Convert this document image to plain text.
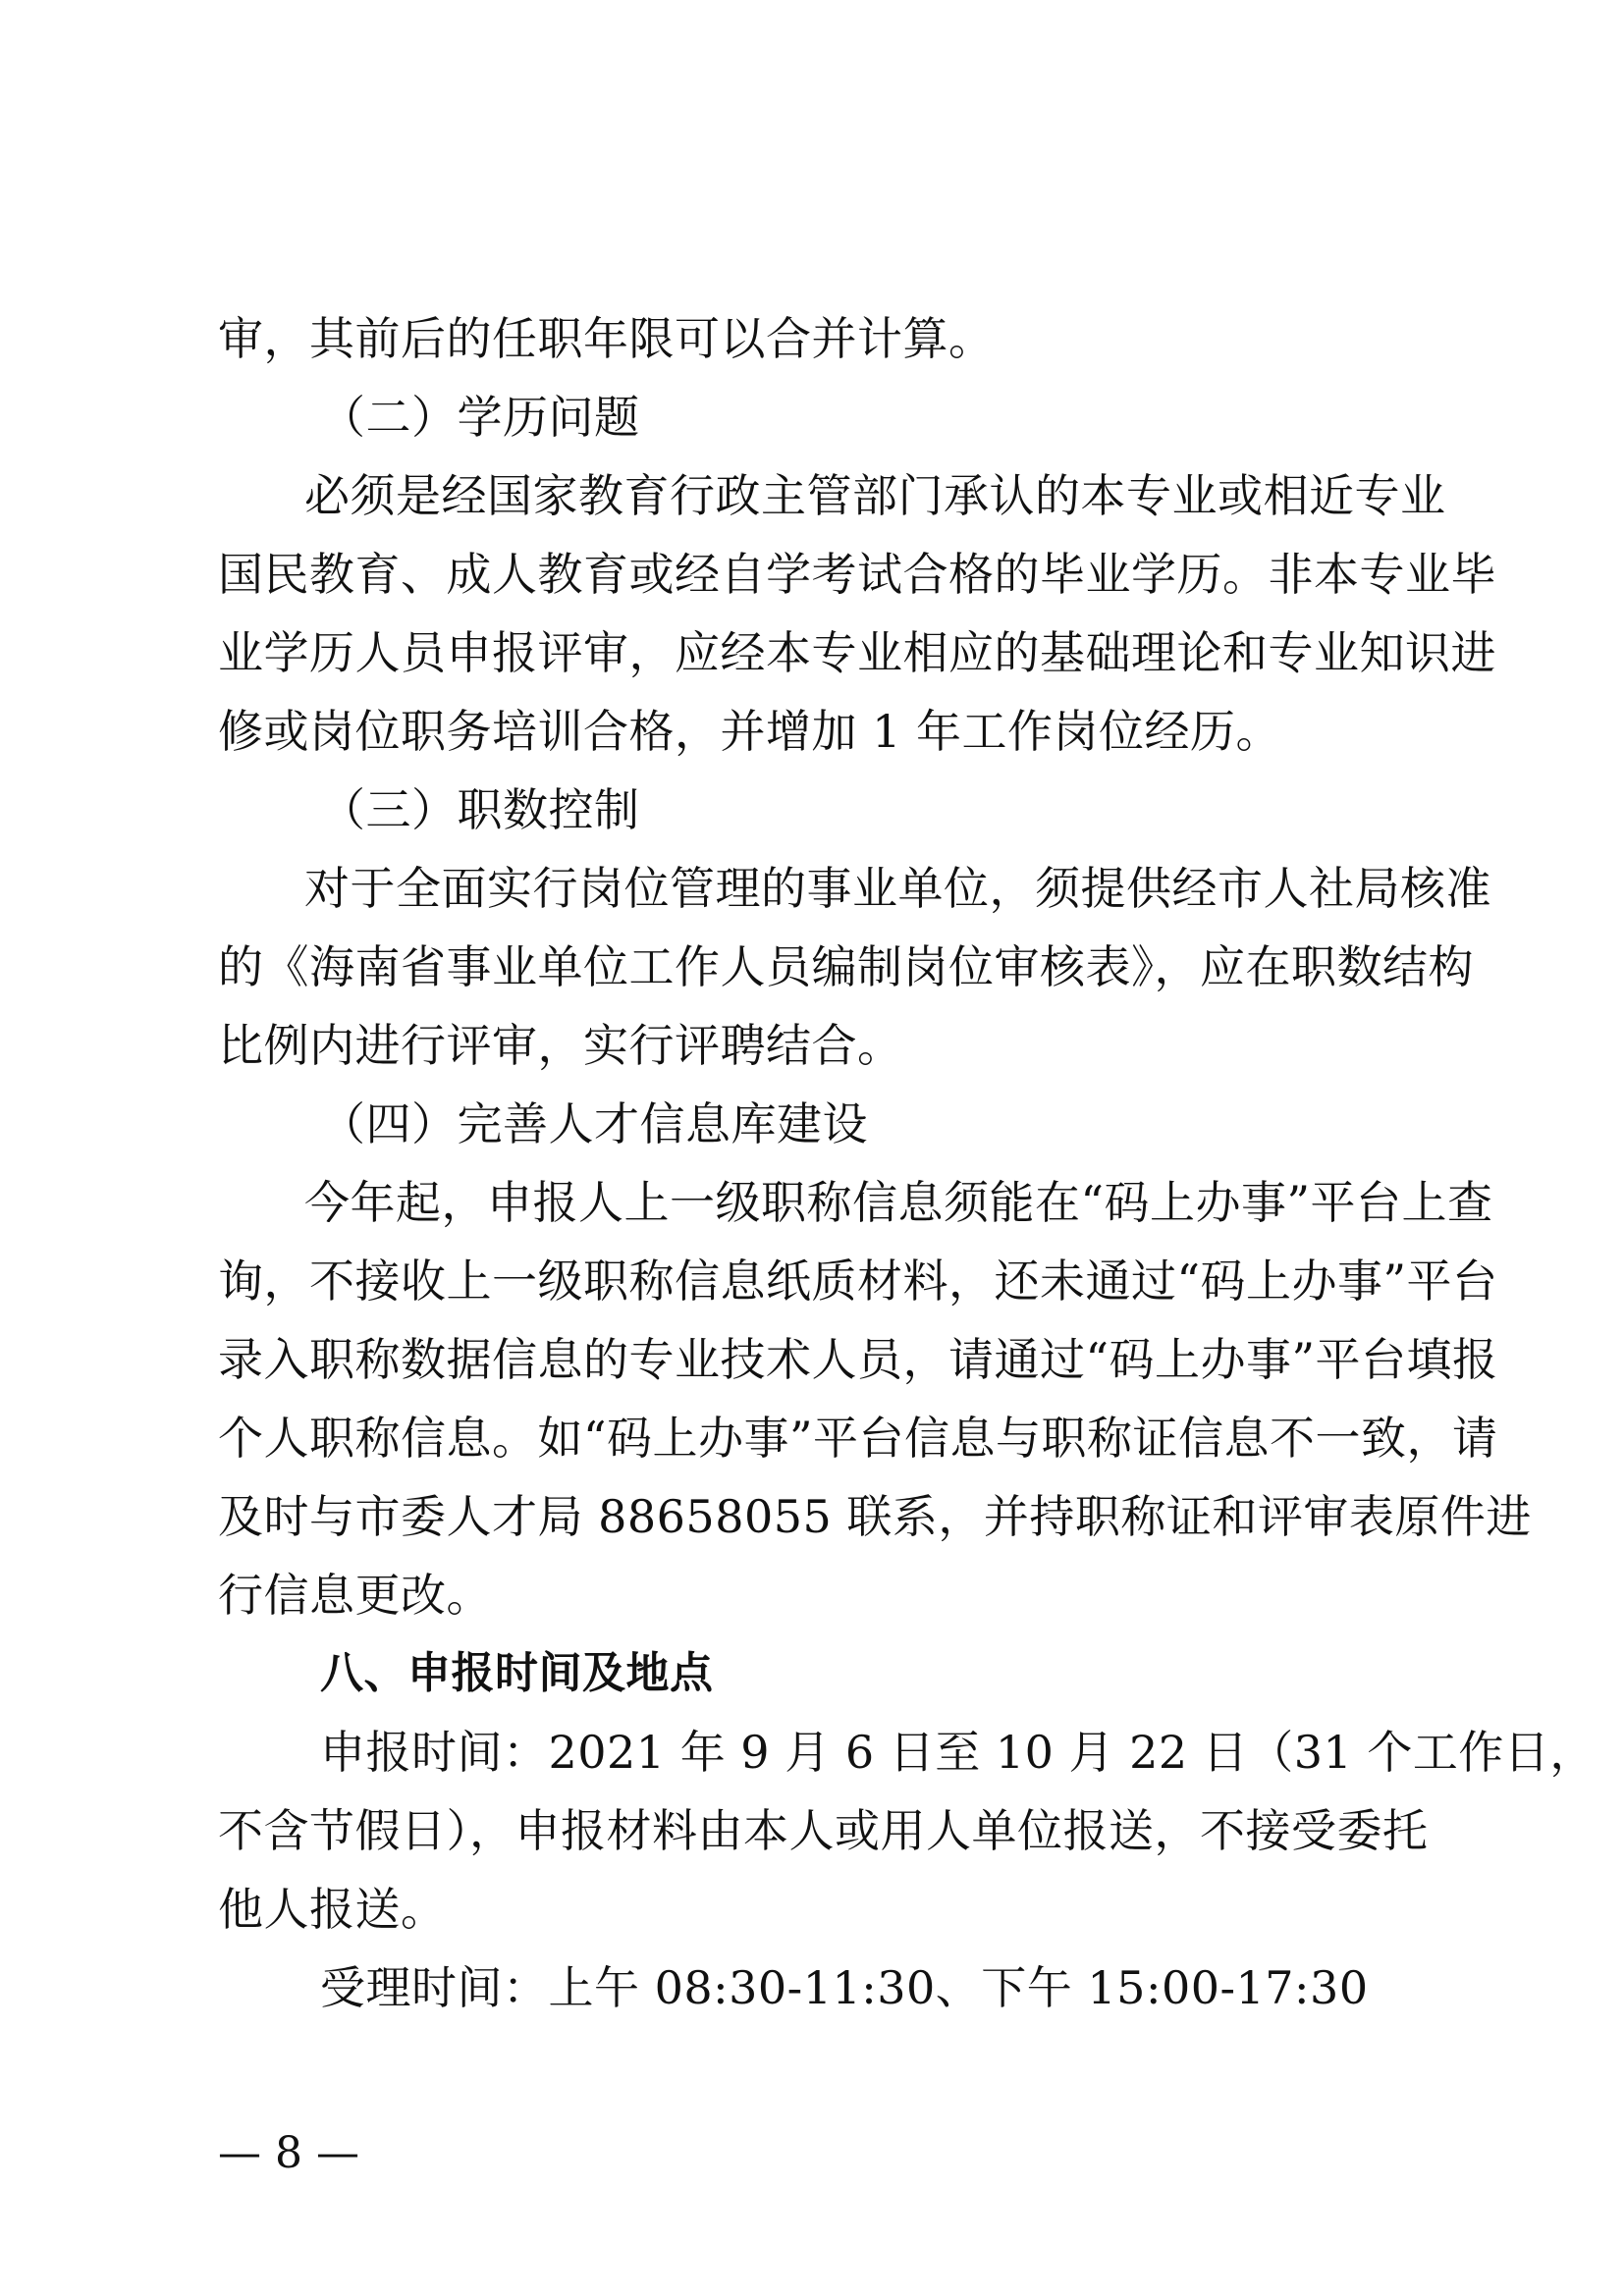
审，其前后的任职年限可以合并计算。
（二）学历问题
必须是经国家教育行政主管部门承认的本专业或相近专业
国民教育、成人教育或经自学考试合格的毕业学历。非本专业毕
业学历人员申报评审，应经本专业相应的基础理论和专业知识进
修或岗位职务培训合格，并增加 1 年工作岗位经历。
（三）职数控制
对于全面实行岗位管理的事业单位，须提供经市人社局核准
的《海南省事业单位工作人员编制岗位审核表》，应在职数结构
比例内进行评审，实行评聘结合。
（四）完善人才信息库建设
今年起，申报人上一级职称信息须能在“码上办事”平台上查
询，不接收上一级职称信息纸质材料，还未通过“码上办事”平台
录入职称数据信息的专业技术人员，请通过“码上办事”平台填报
个人职称信息。如“码上办事”平台信息与职称证信息不一致，请
及时与市委人才局 88658055 联系，并持职称证和评审表原件进
行信息更改。
八、申报时间及地点
申报时间：2021 年 9 月 6 日至 10 月 22 日（31 个工作日，
不含节假日），申报材料由本人或用人单位报送，不接受委托
他人报送。
受理时间：上午 08:30-11:30、下午 15:00-17:30
— 8 —
